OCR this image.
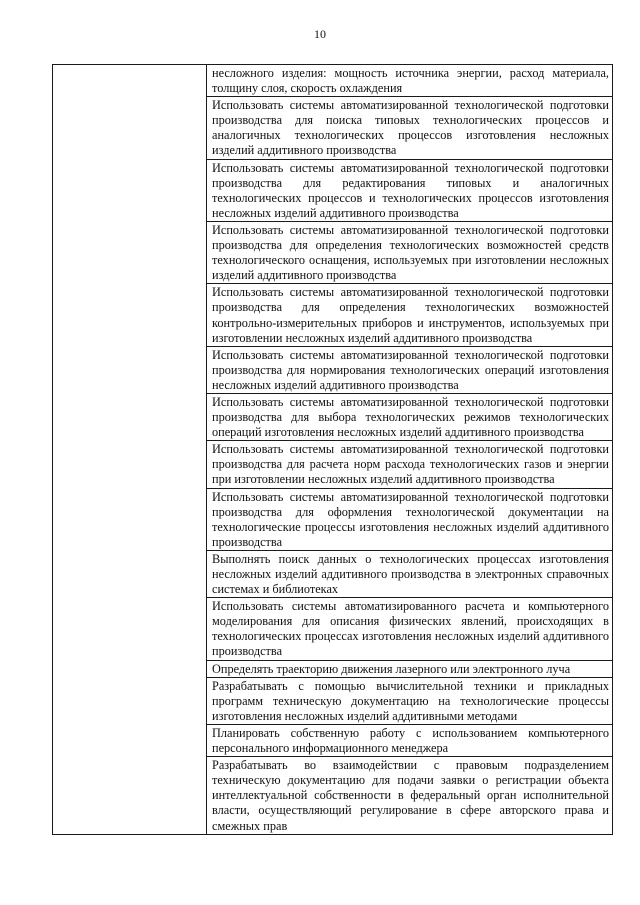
10

несложного изделия: мощность источника энергии, расход материала, толщину слоя, скорость охлаждения

Использовать системы автоматизированной технологической подготовки производства для поиска типовых технологических процессов и аналогичных технологических процессов изготовления несложных изделий аддитивного производства

Использовать системы автоматизированной технологической подготовки производства для редактирования типовых и аналогичных технологических процессов и технологических процессов изготовления несложных изделий аддитивного производства

Использовать системы автоматизированной технологической подготовки производства для определения технологических возможностей средств технологического оснащения, используемых при изготовлении несложных изделий аддитивного производства

Использовать системы автоматизированной технологической подготовки производства для определения технологических возможностей контрольно-измерительных приборов и инструментов, используемых при изготовлении несложных изделий аддитивного производства

Использовать системы автоматизированной технологической подготовки производства для нормирования технологических операций изготовления несложных изделий аддитивного производства

Использовать системы автоматизированной технологической подготовки производства для выбора технологических режимов технологических операций изготовления несложных изделий аддитивного производства

Использовать системы автоматизированной технологической подготовки производства для расчета норм расхода технологических газов и энергии при изготовлении несложных изделий аддитивного производства

Использовать системы автоматизированной технологической подготовки производства для оформления технологической документации на технологические процессы изготовления несложных изделий аддитивного производства

Выполнять поиск данных о технологических процессах изготовления несложных изделий аддитивного производства в электронных справочных системах и библиотеках

Использовать системы автоматизированного расчета и компьютерного моделирования для описания физических явлений, происходящих в технологических процессах изготовления несложных изделий аддитивного производства

Определять траекторию движения лазерного или электронного луча

Разрабатывать с помощью вычислительной техники и прикладных программ техническую документацию на технологические процессы изготовления несложных изделий аддитивными методами

Планировать собственную работу с использованием компьютерного персонального информационного менеджера

Разрабатывать во взаимодействии с правовым подразделением техническую документацию для подачи заявки о регистрации объекта интеллектуальной собственности в федеральный орган исполнительной власти, осуществляющий регулирование в сфере авторского права и смежных прав
